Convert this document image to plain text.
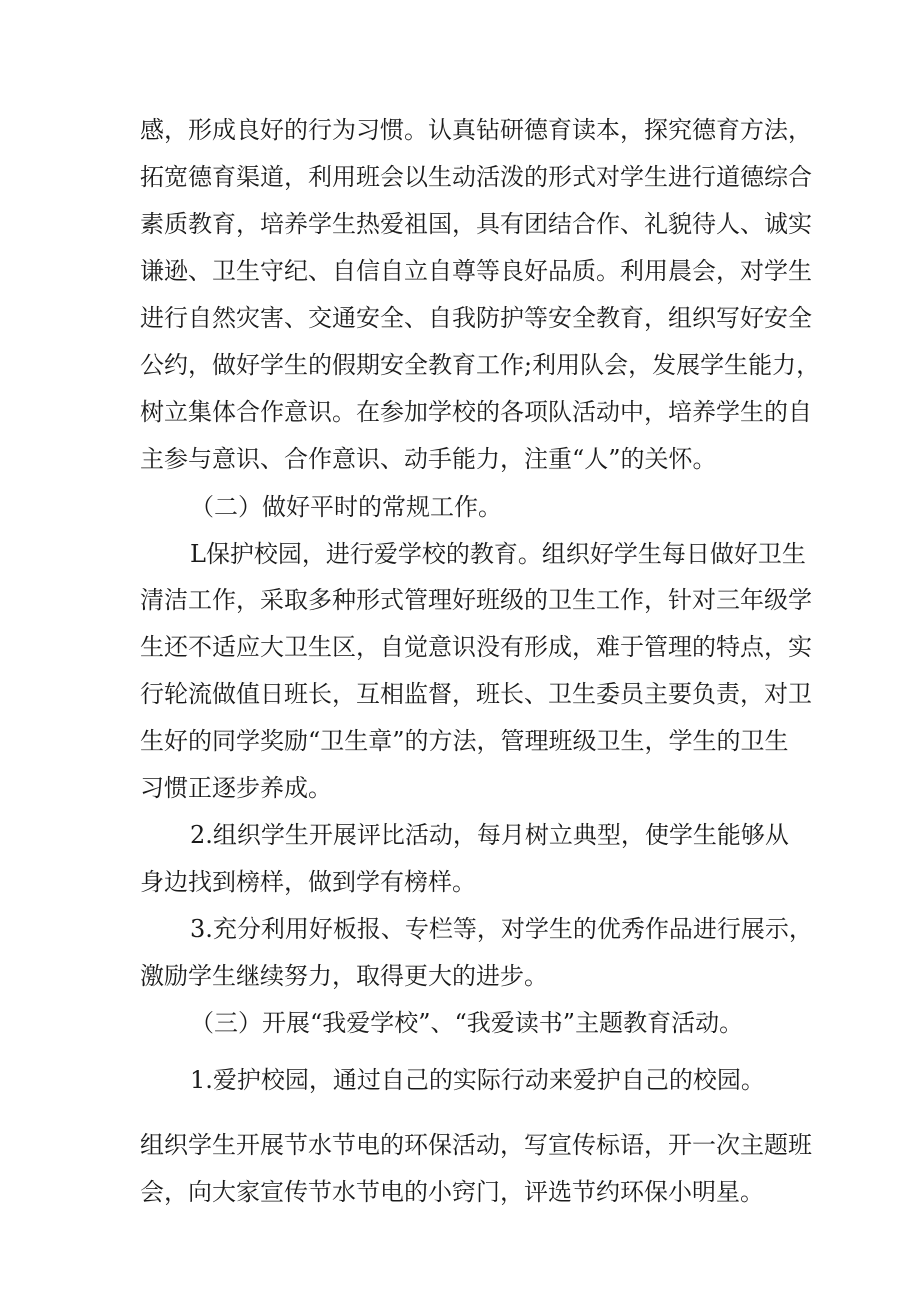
感，形成良好的行为习惯。认真钻研德育读本，探究德育方法，
拓宽德育渠道，利用班会以生动活泼的形式对学生进行道德综合
素质教育，培养学生热爱祖国，具有团结合作、礼貌待人、诚实
谦逊、卫生守纪、自信自立自尊等良好品质。利用晨会，对学生
进行自然灾害、交通安全、自我防护等安全教育，组织写好安全
公约，做好学生的假期安全教育工作;利用队会，发展学生能力，
树立集体合作意识。在参加学校的各项队活动中，培养学生的自
主参与意识、合作意识、动手能力，注重“人”的关怀。
（二）做好平时的常规工作。
L保护校园，进行爱学校的教育。组织好学生每日做好卫生
清洁工作，采取多种形式管理好班级的卫生工作，针对三年级学
生还不适应大卫生区，自觉意识没有形成，难于管理的特点，实
行轮流做值日班长，互相监督，班长、卫生委员主要负责，对卫
生好的同学奖励“卫生章”的方法，管理班级卫生，学生的卫生
习惯正逐步养成。
2.组织学生开展评比活动，每月树立典型，使学生能够从
身边找到榜样，做到学有榜样。
3.充分利用好板报、专栏等，对学生的优秀作品进行展示，
激励学生继续努力，取得更大的进步。
（三）开展“我爱学校”、“我爱读书”主题教育活动。
1.爱护校园，通过自己的实际行动来爱护自己的校园。
组织学生开展节水节电的环保活动，写宣传标语，开一次主题班
会，向大家宣传节水节电的小窍门，评选节约环保小明星。
